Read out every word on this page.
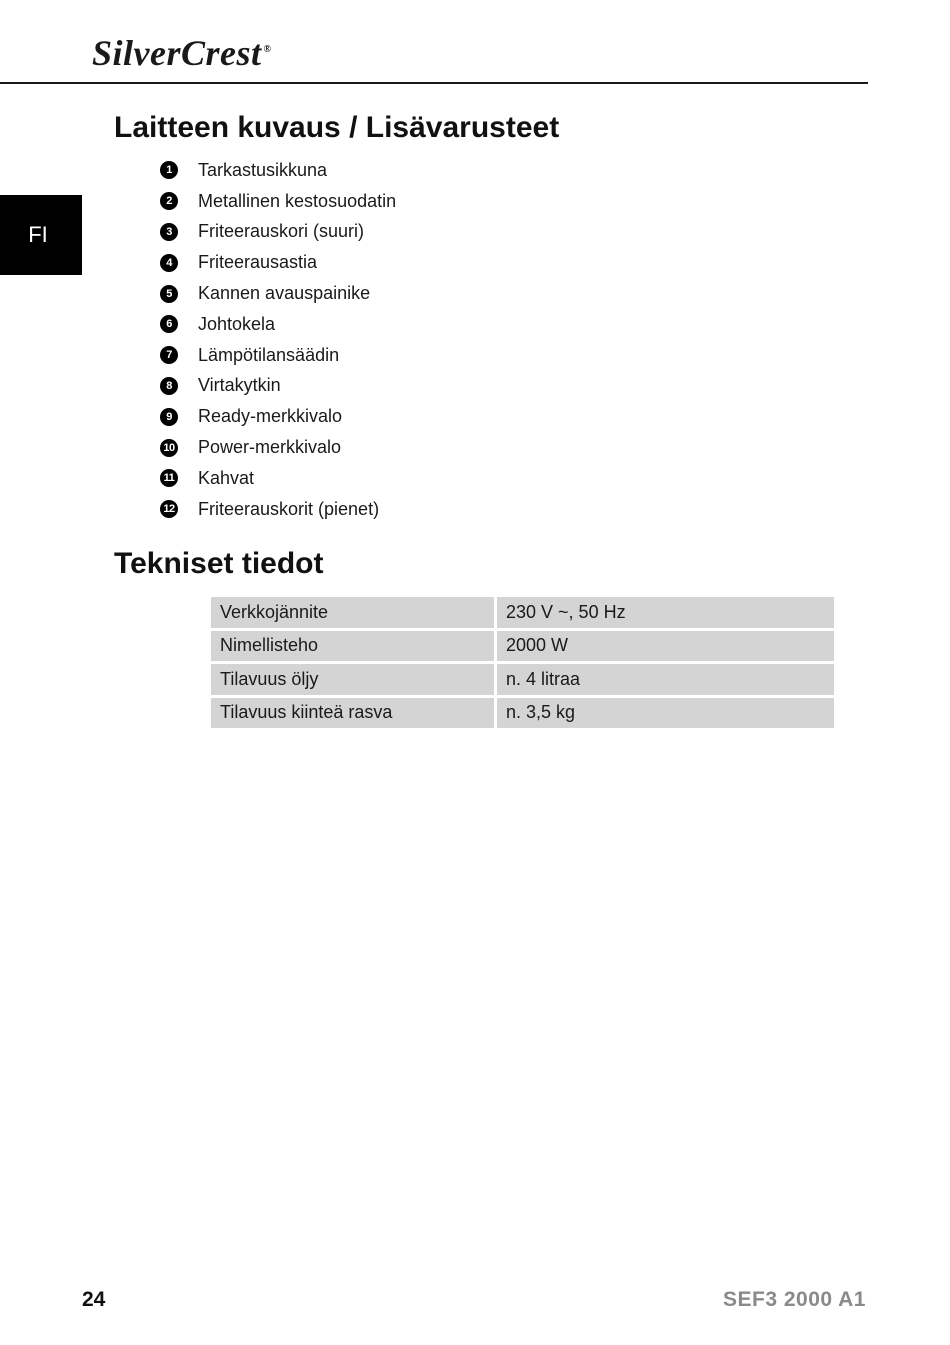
SilverCrest ®
FI
Laitteen kuvaus / Lisävarusteet
1	Tarkastusikkuna
2	Metallinen kestosuodatin
3	Friteerauskori (suuri)
4	Friteerausastia
5	Kannen avauspainike
6	Johtokela
7	Lämpötilansäädin
8	Virtakytkin
9	Ready-merkkivalo
10 Power-merkkivalo
11 Kahvat
12 Friteerauskorit (pienet)
Tekniset tiedot
Verkkojännite	230 V ~, 50 Hz
Nimellisteho	2000 W
Tilavuus öljy	n. 4 litraa
Tilavuus kiinteä rasva	n. 3,5 kg
24	SEF3 2000 A1
